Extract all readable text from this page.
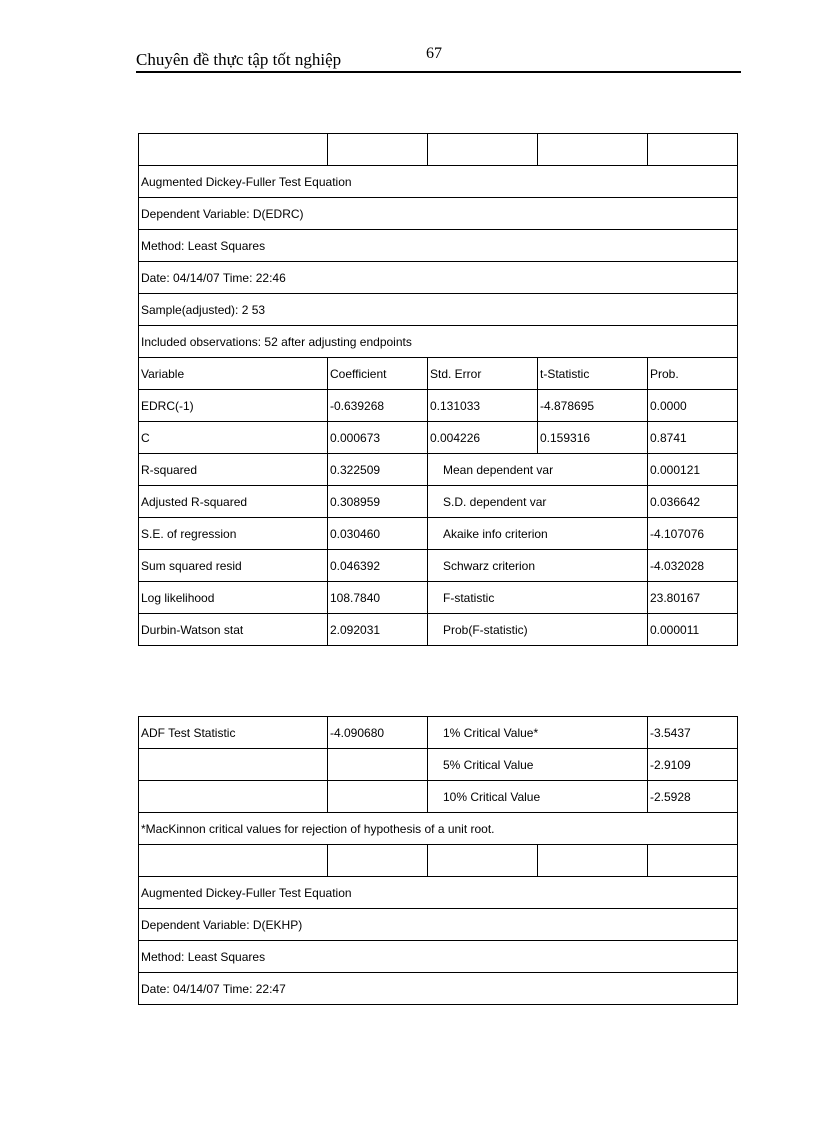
Chuyên đề thực tập tốt nghiệp	67

Augmented Dickey-Fuller Test Equation				
Dependent Variable: D(EDRC)				
Method: Least Squares				
Date: 04/14/07 Time: 22:46				
Sample(adjusted): 2 53				
Included observations: 52 after adjusting endpoints				
Variable	Coefficient	Std. Error	t-Statistic	Prob.
EDRC(-1)	-0.639268	0.131033	-4.878695	0.0000
C	0.000673	0.004226	0.159316	0.8741
R-squared	0.322509	Mean dependent var		0.000121
Adjusted R-squared	0.308959	S.D. dependent var		0.036642
S.E. of regression	0.030460	Akaike info criterion		-4.107076
Sum squared resid	0.046392	Schwarz criterion		-4.032028
Log likelihood	108.7840	F-statistic		23.80167
Durbin-Watson stat	2.092031	Prob(F-statistic)		0.000011
ADF Test Statistic	-4.090680	1% Critical Value*		-3.5437
		5% Critical Value		-2.9109
		10% Critical Value		-2.5928
*MacKinnon critical values for rejection of hypothesis of a unit root.				

Augmented Dickey-Fuller Test Equation				
Dependent Variable: D(EKHP)				
Method: Least Squares				
Date: 04/14/07 Time: 22:47				
